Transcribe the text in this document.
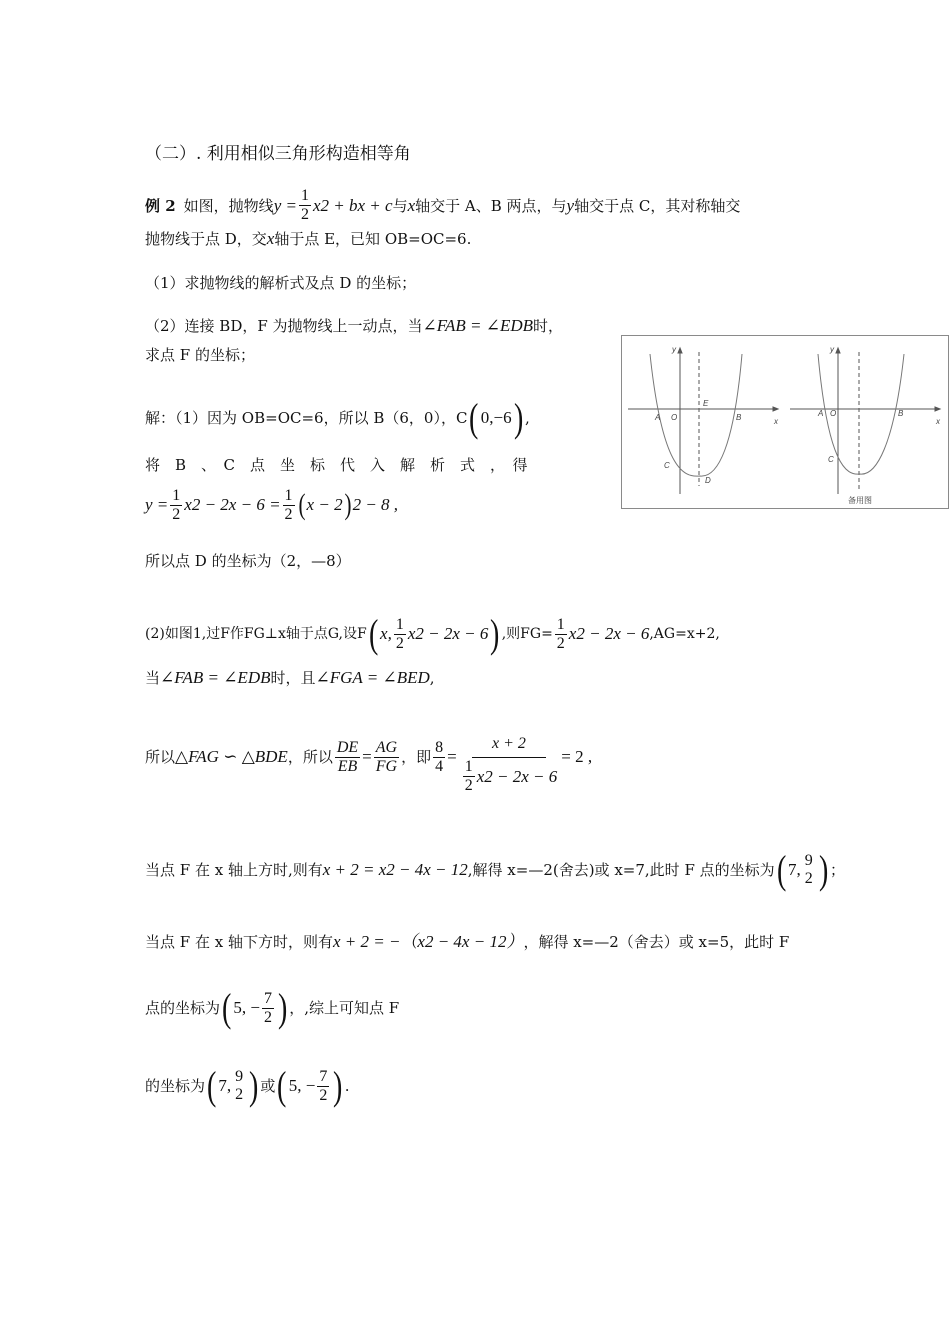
（二）. 利用相似三角形构造相等角
例 2 如图，抛物线 $y = \frac{1}{2} x2$ + bx + c 与 x 轴交于 A、B 两点，与 y 轴交于点 C，其对称轴交
抛物线于点 D，交 x 轴于点 E，已知 OB=OC=6.
（1）求抛物线的解析式及点 D 的坐标；
（2）连接 BD，F 为抛物线上一动点，当 ∠FAB = ∠EDB 时，
求点 F 的坐标；
解：（1）因为 OB=OC=6，所以 B（6，0），C ( 0,−6 ) ,
将　B　、　C　点　坐　标　代　入　解　析　式　，　得
$y = \frac{1}{2} x2 - 2x - 6 = \frac{1}{2}$ ( x − 2 ) 2 − 8 ,
所以点 D 的坐标为（2，—8）
(2)如图1,过F作FG⊥x轴于点G,设F ( x, $\frac{1}{2} x2 - 2x - 6$ ) ,则$FG= \frac{1}{2} x2 - 2x - 6$ ,AG=x+2,
当 ∠FAB = ∠EDB 时，且 ∠FGA = ∠BED ,
所以 △FAG ∽ △BDE ，所以 $\frac{DE}{EB} = \frac{AG}{FG}$ ，即 $\frac{8}{4} = \frac{x + 2}{\frac{1}{2} x2 - 2x - 6} = 2$ ,
当点 F 在 x 轴上方时,则有 x + 2 = x2 − 4x − 12 ,解得 x=—2(舍去)或 x=7,此时 F 点的坐标为 ( 7, 9
2 ) ；
当点 F 在 x 轴下方时，则有 x + 2 = −（x2 − 4x − 12） ，解得 x=—2（舍去）或 x=5，此时 F
点的坐标为 ( 5, − $\frac{7}{2}$ ) ，,综上可知点 F
的坐标为 ( 7, 9
2 ) 或 ( 5, − $\frac{7}{2}$ ) .
y
x
A O
E
B
C
D
y
x
A O	B
C
备用图
